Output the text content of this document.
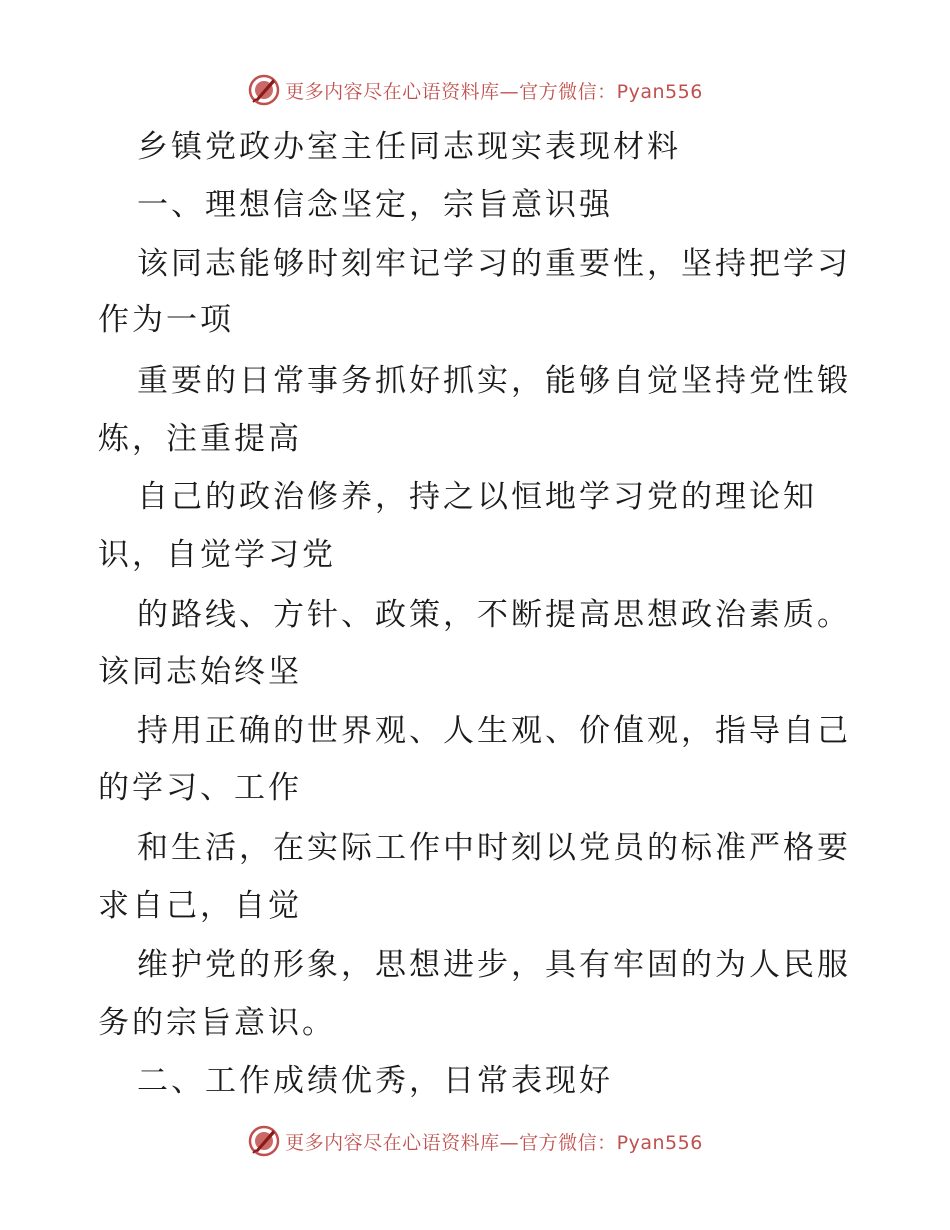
更多内容尽在心语资料库—官方微信：Pyan556
乡镇党政办室主任同志现实表现材料
一、理想信念坚定，宗旨意识强
该同志能够时刻牢记学习的重要性，坚持把学习
作为一项
重要的日常事务抓好抓实，能够自觉坚持党性锻
炼，注重提高
自己的政治修养，持之以恒地学习党的理论知
识，自觉学习党
的路线、方针、政策，不断提高思想政治素质。
该同志始终坚
持用正确的世界观、人生观、价值观，指导自己
的学习、工作
和生活，在实际工作中时刻以党员的标准严格要
求自己，自觉
维护党的形象，思想进步，具有牢固的为人民服
务的宗旨意识。
二、工作成绩优秀，日常表现好
更多内容尽在心语资料库—官方微信：Pyan556
